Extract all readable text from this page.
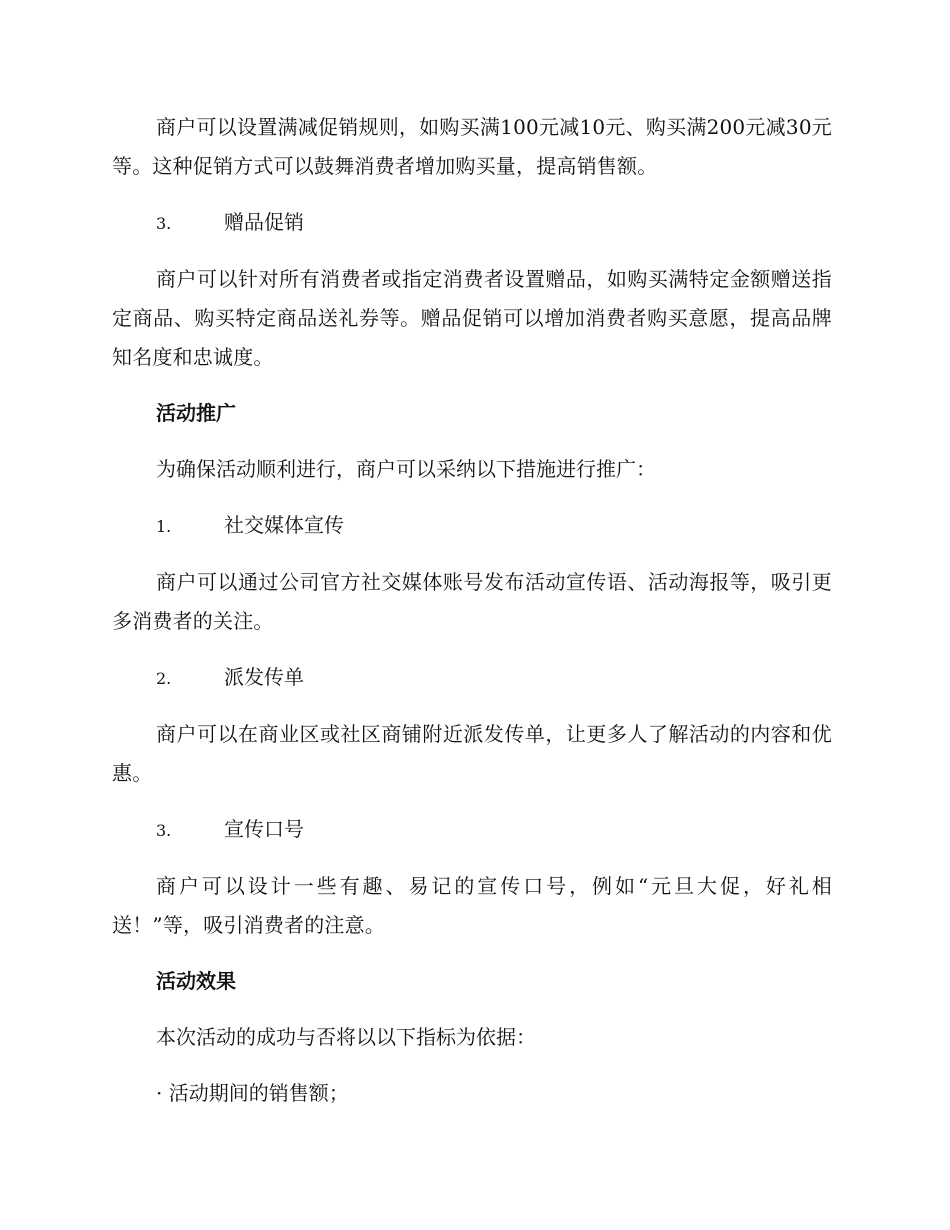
商户可以设置满减促销规则，如购买满100元减10元、购买满200元减30元等。这种促销方式可以鼓舞消费者增加购买量，提高销售额。

3.	赠品促销

商户可以针对所有消费者或指定消费者设置赠品，如购买满特定金额赠送指定商品、购买特定商品送礼券等。赠品促销可以增加消费者购买意愿，提高品牌知名度和忠诚度。

活动推广
为确保活动顺利进行，商户可以采纳以下措施进行推广：
1.	社交媒体宣传

商户可以通过公司官方社交媒体账号发布活动宣传语、活动海报等，吸引更多消费者的关注。

2.	派发传单

商户可以在商业区或社区商铺附近派发传单，让更多人了解活动的内容和优惠。

3.	宣传口号

商户可以设计一些有趣、易记的宣传口号，例如“元旦大促，好礼相送！”等，吸引消费者的注意。

活动效果
本次活动的成功与否将以以下指标为依据：
· 活动期间的销售额；
